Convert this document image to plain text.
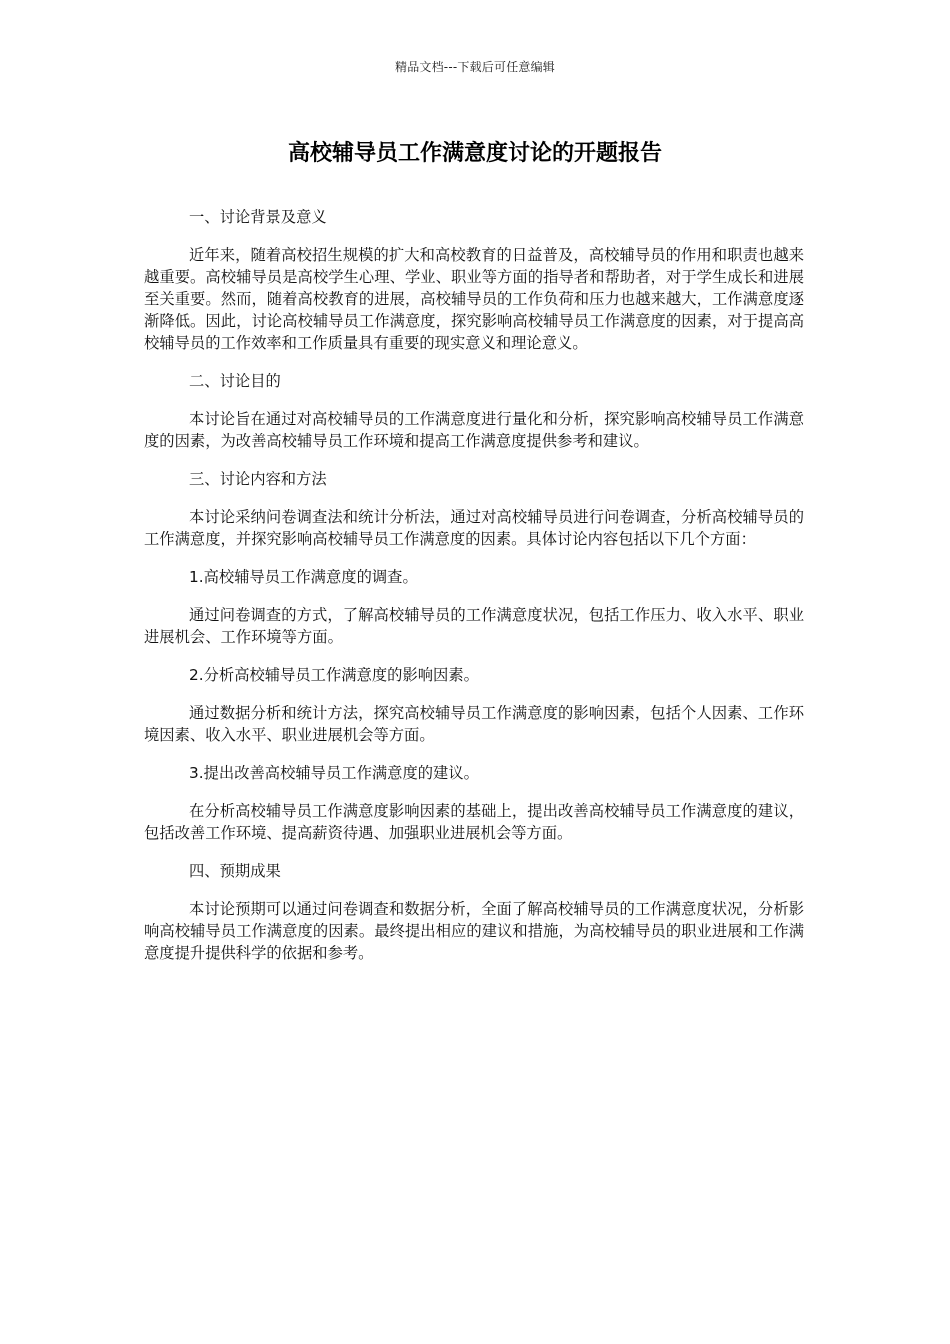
精品文档---下载后可任意编辑
高校辅导员工作满意度讨论的开题报告

一、讨论背景及意义

近年来，随着高校招生规模的扩大和高校教育的日益普及，高校辅导员的作用和职责也越来越重要。高校辅导员是高校学生心理、学业、职业等方面的指导者和帮助者，对于学生成长和进展至关重要。然而，随着高校教育的进展，高校辅导员的工作负荷和压力也越来越大，工作满意度逐渐降低。因此，讨论高校辅导员工作满意度，探究影响高校辅导员工作满意度的因素，对于提高高校辅导员的工作效率和工作质量具有重要的现实意义和理论意义。

二、讨论目的

本讨论旨在通过对高校辅导员的工作满意度进行量化和分析，探究影响高校辅导员工作满意度的因素，为改善高校辅导员工作环境和提高工作满意度提供参考和建议。

三、讨论内容和方法

本讨论采纳问卷调查法和统计分析法，通过对高校辅导员进行问卷调查，分析高校辅导员的工作满意度，并探究影响高校辅导员工作满意度的因素。具体讨论内容包括以下几个方面：

1.高校辅导员工作满意度的调查。

通过问卷调查的方式，了解高校辅导员的工作满意度状况，包括工作压力、收入水平、职业进展机会、工作环境等方面。

2.分析高校辅导员工作满意度的影响因素。

通过数据分析和统计方法，探究高校辅导员工作满意度的影响因素，包括个人因素、工作环境因素、收入水平、职业进展机会等方面。

3.提出改善高校辅导员工作满意度的建议。

在分析高校辅导员工作满意度影响因素的基础上，提出改善高校辅导员工作满意度的建议，包括改善工作环境、提高薪资待遇、加强职业进展机会等方面。

四、预期成果

本讨论预期可以通过问卷调查和数据分析，全面了解高校辅导员的工作满意度状况，分析影响高校辅导员工作满意度的因素。最终提出相应的建议和措施，为高校辅导员的职业进展和工作满意度提升提供科学的依据和参考。
